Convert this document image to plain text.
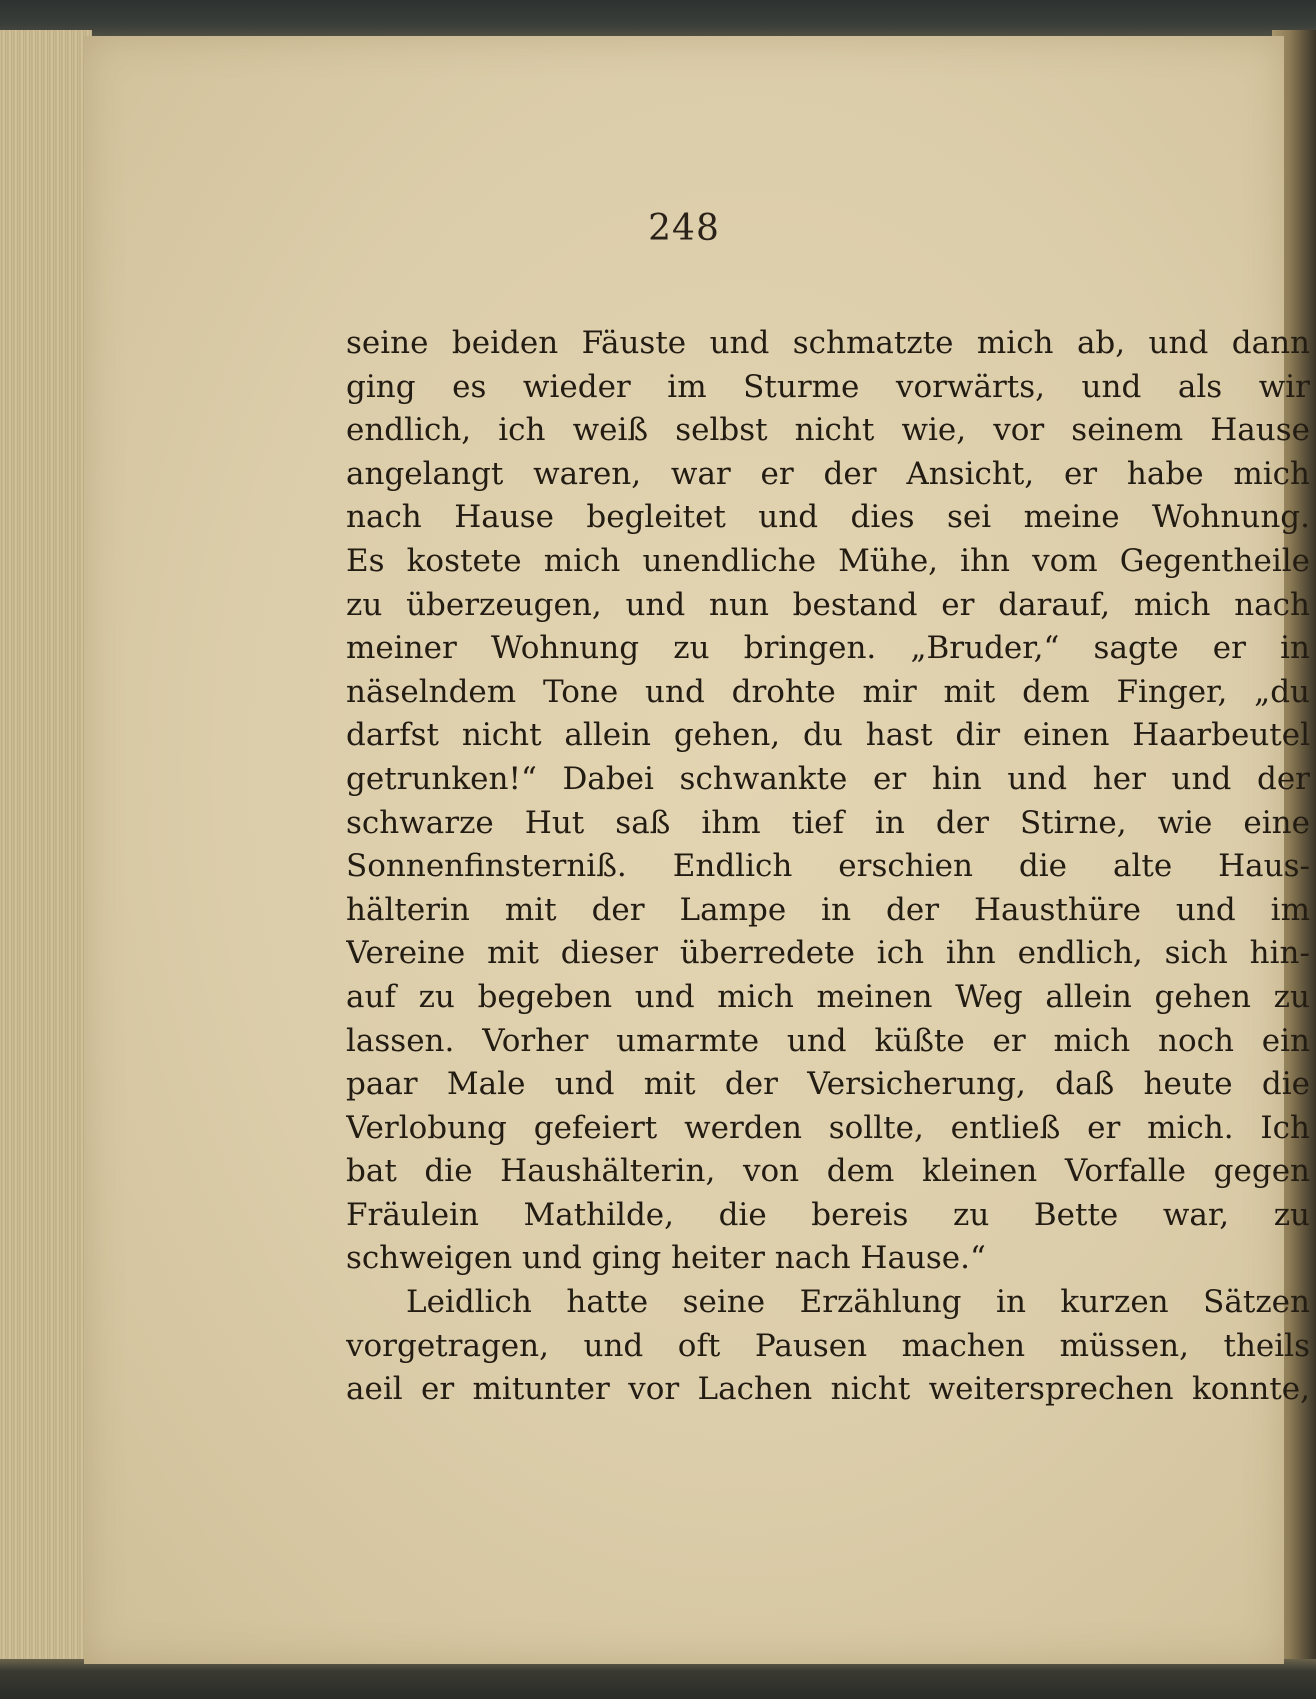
248
seine beiden Fäuste und schmatzte mich ab, und dann
ging es wieder im Sturme vorwärts, und als wir
endlich, ich weiß selbst nicht wie, vor seinem Hause
angelangt waren, war er der Ansicht, er habe mich
nach Hause begleitet und dies sei meine Wohnung.
Es kostete mich unendliche Mühe, ihn vom Gegentheile
zu überzeugen, und nun bestand er darauf, mich nach
meiner Wohnung zu bringen. „Bruder,“ sagte er in
näselndem Tone und drohte mir mit dem Finger, „du
darfst nicht allein gehen, du hast dir einen Haarbeutel
getrunken!“ Dabei schwankte er hin und her und der
schwarze Hut saß ihm tief in der Stirne, wie eine
Sonnenfinsterniß. Endlich erschien die alte Haus-
hälterin mit der Lampe in der Hausthüre und im
Vereine mit dieser überredete ich ihn endlich, sich hin-
auf zu begeben und mich meinen Weg allein gehen zu
lassen. Vorher umarmte und küßte er mich noch ein
paar Male und mit der Versicherung, daß heute die
Verlobung gefeiert werden sollte, entließ er mich. Ich
bat die Haushälterin, von dem kleinen Vorfalle gegen
Fräulein Mathilde, die bereis zu Bette war, zu
schweigen und ging heiter nach Hause.“
Leidlich hatte seine Erzählung in kurzen Sätzen
vorgetragen, und oft Pausen machen müssen, theils
aeil er mitunter vor Lachen nicht weitersprechen konnte,
